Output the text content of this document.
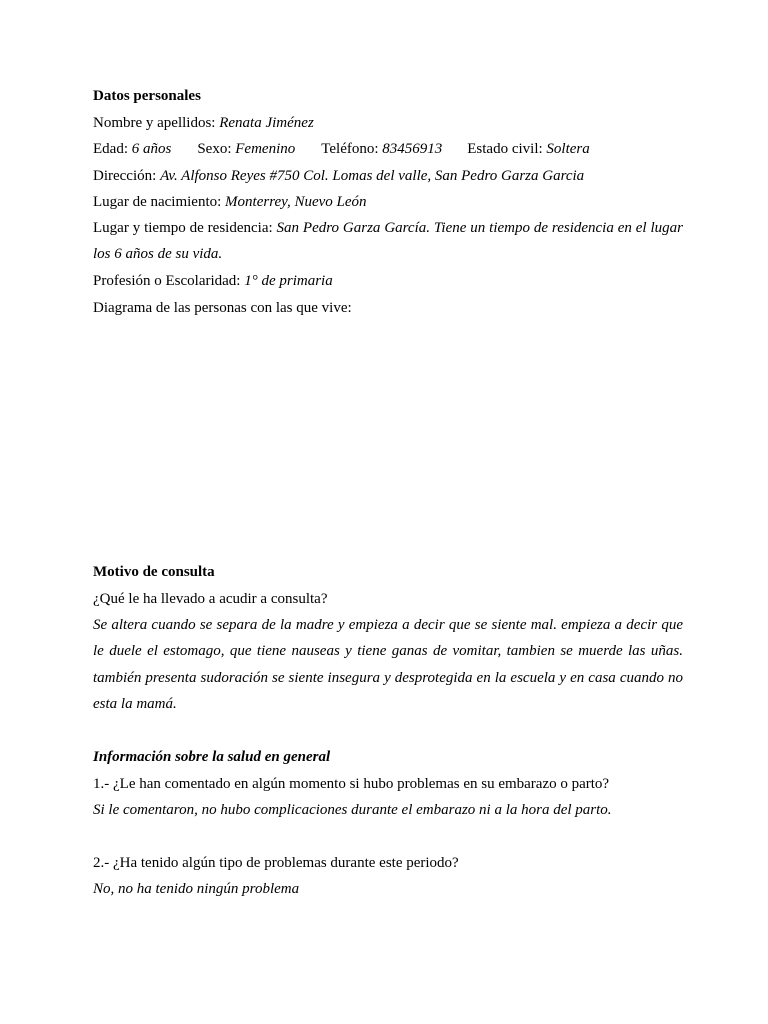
Datos personales
Nombre y apellidos: Renata Jiménez
Edad: 6 años Sexo: Femenino Teléfono: 83456913 Estado civil: Soltera
Dirección: Av. Alfonso Reyes #750 Col. Lomas del valle, San Pedro Garza Garcia
Lugar de nacimiento: Monterrey, Nuevo León
Lugar y tiempo de residencia: San Pedro Garza García. Tiene un tiempo de residencia en el lugar los 6 años de su vida.
Profesión o Escolaridad: 1° de primaria
Diagrama de las personas con las que vive:
Motivo de consulta
¿Qué le ha llevado a acudir a consulta?
Se altera cuando se separa de la madre y empieza a decir que se siente mal. empieza a decir que le duele el estomago, que tiene nauseas y tiene ganas de vomitar, tambien se muerde las uñas. también presenta sudoración se siente insegura y desprotegida en la escuela y en casa cuando no esta la mamá.
Información sobre la salud en general
1.- ¿Le han comentado en algún momento si hubo problemas en su embarazo o parto?
Si le comentaron, no hubo complicaciones durante el embarazo ni a la hora del parto.
2.- ¿Ha tenido algún tipo de problemas durante este periodo?
No, no ha tenido ningún problema
